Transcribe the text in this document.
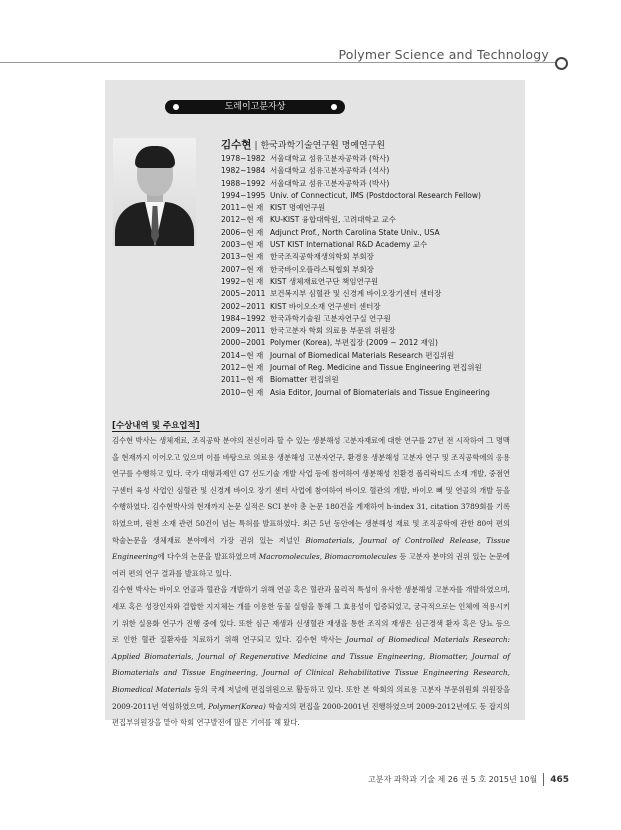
Polymer Science and Technology
도레이고분자상
김수현 | 한국과학기술연구원 명예연구원
1978~1982 서울대학교 섬유고분자공학과 (학사)
1982~1984 서울대학교 섬유고분자공학과 (석사)
1988~1992 서울대학교 섬유고분자공학과 (박사)
1994~1995 Univ. of Connecticut, IMS (Postdoctoral Research Fellow)
2011~현 재 KIST 명예연구원
2012~현 재 KU-KIST 융합대학원, 고려대학교 교수
2006~현 재 Adjunct Prof., North Carolina State Univ., USA
2003~현 재 UST KIST International R&D Academy 교수
2013~현 재 한국조직공학재생의학회 부회장
2007~현 재 한국바이오플라스틱협회 부회장
1992~현 재 KIST 생체재료연구단 책임연구원
2005~2011 보건복지부 심혈관 및 신경계 바이오장기센터 센터장
2002~2011 KIST 바이오소재 연구센터 센터장
1984~1992 한국과학기술원 고분자연구실 연구원
2009~2011 한국고분자 학회 의료용 부문위 위원장
2000~2001 Polymer (Korea), 부편집장 (2009 ~ 2012 재임)
2014~현 재 Journal of Biomedical Materials Research 편집위원
2012~현 재 Journal of Reg. Medicine and Tissue Engineering 편집위원
2011~현 재 Biomatter 편집위원
2010~현 재 Asia Editor, Journal of Biomaterials and Tissue Engineering
[수상내역 및 주요업적]

김수현 박사는 생체재료, 조직공학 분야의 전신이라 할 수 있는 생분해성 고분자재료에 대한 연구를 27년 전 시작하여 그 명맥을 현재까지 이어오고 있으며 이를 바탕으로 의료용 생분해성 고분자연구, 환경용 생분해성 고분자 연구 및 조직공학에의 응용연구를 수행하고 있다. 국가 대형과제인 G7 선도기술 개발 사업 등에 참여하여 생분해성 친환경 폴리락티드 소재 개발, 중점연구센터 육성 사업인 심혈관 및 신경계 바이오 장기 센터 사업에 참여하여 바이오 혈관의 개발, 바이오 뼈 및 연골의 개발 등을 수행하였다. 김수현박사의 현재까지 논문 실적은 SCI 분야 총 논문 180건을 게재하여 h-index 31, citation 3789회를 기록하였으며, 원천 소재 관련 50건이 넘는 특허를 발표하였다. 최근 5년 동안에는 생분해성 재료 및 조직공학에 관한 80여 편의 학술논문을 생체재료 분야에서 가장 권위 있는 저널인 Biomaterials, Journal of Controlled Release, Tissue Engineering에 다수의 논문을 발표하였으며 Macromolecules, Biomacromolecules 등 고분자 분야의 권위 있는 논문에 여러 편의 연구 결과를 발표하고 있다.

김수현 박사는 바이오 연골과 혈관을 개발하기 위해 연골 혹은 혈관과 물리적 특성이 유사한 생분해성 고분자를 개발하였으며, 세포 혹은 성장인자와 결합한 지지체는 개를 이용한 동물 실험을 통해 그 효용성이 입증되었고, 궁극적으로는 인체에 적용시키기 위한 실용화 연구가 진행 중에 있다. 또한 심근 재생과 신생혈관 재생을 통한 조직의 재생은 심근경색 환자 혹은 당뇨 등으로 인한 혈관 질환자를 치료하기 위해 연구되고 있다. 김수현 박사는 Journal of Biomedical Materials Research: Applied Biomaterials, Journal of Regenerative Medicine and Tissue Engineering, Biomatter, Journal of Biomaterials and Tissue Engineering, Journal of Clinical Rehabilitative Tissue Engineering Research, Biomedical Materials 등의 국제 저널에 편집위원으로 활동하고 있다. 또한 본 학회의 의료용 고분자 부문위원회 위원장을 2009-2011년 역임하였으며, Polymer(Korea) 학술지의 편집을 2000-2001년 진행하였으며 2009-2012년에도 동 잡지의 편집부위원장을 맡아 학회 연구발전에 많은 기여를 해 왔다.

고분자 과학과 기술 제 26 권 5 호 2015년 10월 465
